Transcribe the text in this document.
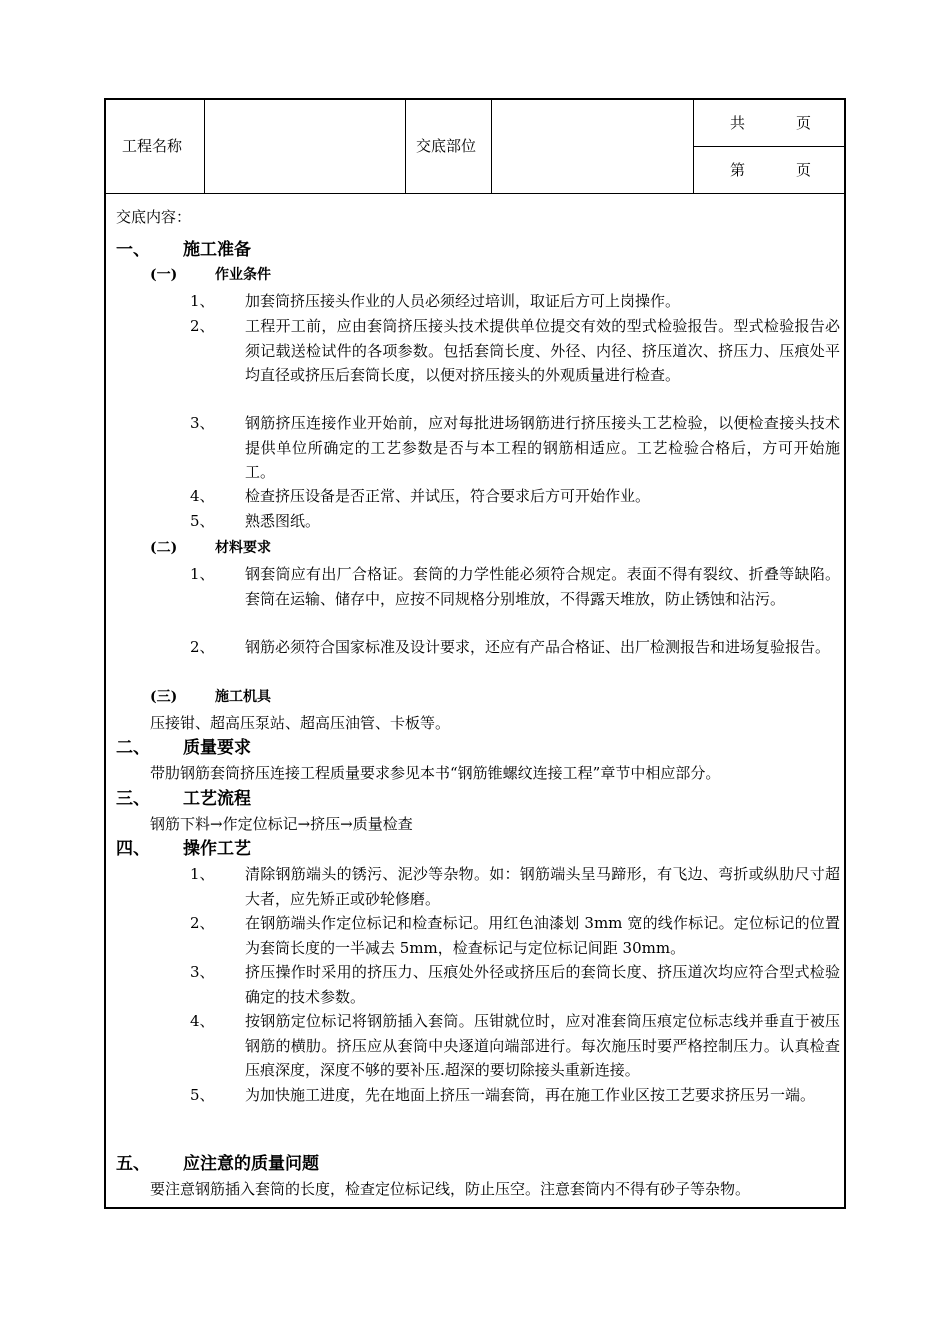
工程名称	交底部位
共	页
第	页
交底内容：
一、 施工准备
(一)	作业条件
1、 加套筒挤压接头作业的人员必须经过培训，取证后方可上岗操作。
2、 工程开工前，应由套筒挤压接头技术提供单位提交有效的型式检验报告。型式检验报告必须记载送检试件的各项参数。包括套筒长度、外径、内径、挤压道次、挤压力、压痕处平均直径或挤压后套筒长度，以便对挤压接头的外观质量进行检查。
3、 钢筋挤压连接作业开始前，应对每批进场钢筋进行挤压接头工艺检验，以便检查接头技术提供单位所确定的工艺参数是否与本工程的钢筋相适应。工艺检验合格后，方可开始施工。
4、 检查挤压设备是否正常、并试压，符合要求后方可开始作业。
5、 熟悉图纸。
(二)	材料要求
1、 钢套筒应有出厂合格证。套筒的力学性能必须符合规定。表面不得有裂纹、折叠等缺陷。套筒在运输、储存中，应按不同规格分别堆放，不得露天堆放，防止锈蚀和沾污。
2、 钢筋必须符合国家标准及设计要求，还应有产品合格证、出厂检测报告和进场复验报告。
(三)	施工机具
压接钳、超高压泵站、超高压油管、卡板等。
二、 质量要求
带肋钢筋套筒挤压连接工程质量要求参见本书“钢筋锥螺纹连接工程”章节中相应部分。
三、 工艺流程
钢筋下料→作定位标记→挤压→质量检查
四、 操作工艺
1、 清除钢筋端头的锈污、泥沙等杂物。如：钢筋端头呈马蹄形，有飞边、弯折或纵肋尺寸超大者，应先矫正或砂轮修磨。
2、 在钢筋端头作定位标记和检查标记。用红色油漆划 3mm 宽的线作标记。定位标记的位置为套筒长度的一半减去 5mm，检查标记与定位标记间距 30mm。
3、 挤压操作时采用的挤压力、压痕处外径或挤压后的套筒长度、挤压道次均应符合型式检验确定的技术参数。
4、 按钢筋定位标记将钢筋插入套筒。压钳就位时，应对准套筒压痕定位标志线并垂直于被压钢筋的横肋。挤压应从套筒中央逐道向端部进行。每次施压时要严格控制压力。认真检查压痕深度，深度不够的要补压.超深的要切除接头重新连接。
5、 为加快施工进度，先在地面上挤压一端套筒，再在施工作业区按工艺要求挤压另一端。
五、 应注意的质量问题
要注意钢筋插入套筒的长度，检查定位标记线，防止压空。注意套筒内不得有砂子等杂物。
